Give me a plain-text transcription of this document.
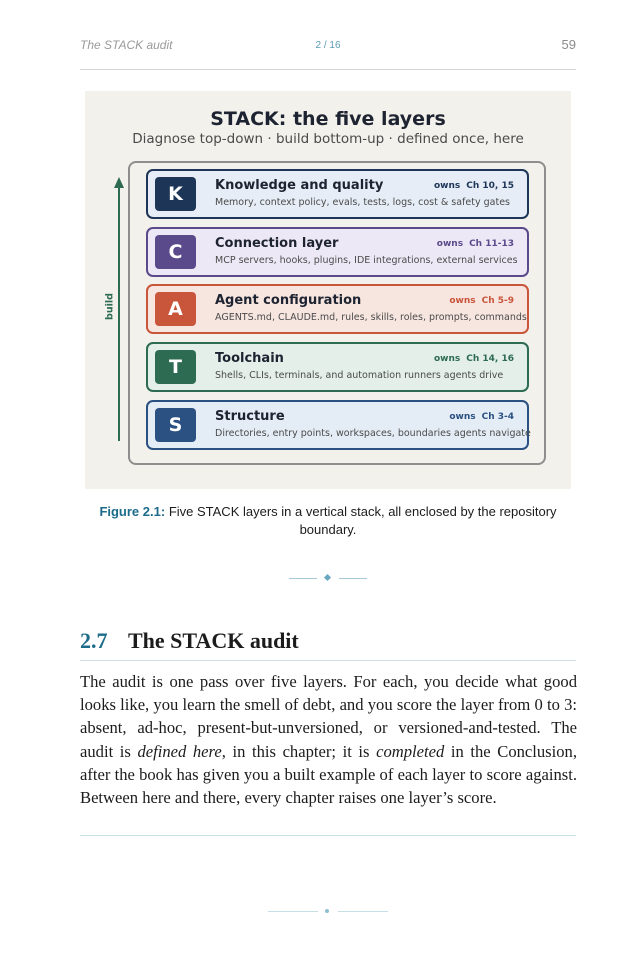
The STACK audit	2 / 16	59
STACK: the five layers
Diagnose top-down · build bottom-up · defined once, here
build
K	Knowledge and quality
Memory, context policy, evals, tests, logs, cost & safety gates
owns Ch 10, 15
C	Connection layer
MCP servers, hooks, plugins, IDE integrations, external services
owns Ch 11-13
A	Agent configuration
AGENTS.md, CLAUDE.md, rules, skills, roles, prompts, commands
owns Ch 5-9
T	Toolchain
Shells, CLIs, terminals, and automation runners agents drive
owns Ch 14, 16
S	Structure
Directories, entry points, workspaces, boundaries agents navigate
owns Ch 3-4
Figure 2.1: Five STACK layers in a vertical stack, all enclosed by the repository boundary.
2.7 The STACK audit

The audit is one pass over five layers. For each, you decide what good looks like, you learn the smell of debt, and you score the layer from 0 to 3: absent, ad-hoc, present-but-unversioned, or versioned-and-tested. The audit is defined here, in this chapter; it is completed in the Conclusion, after the book has given you a built example of each layer to score against. Between here and there, every chapter raises one layer’s score.
